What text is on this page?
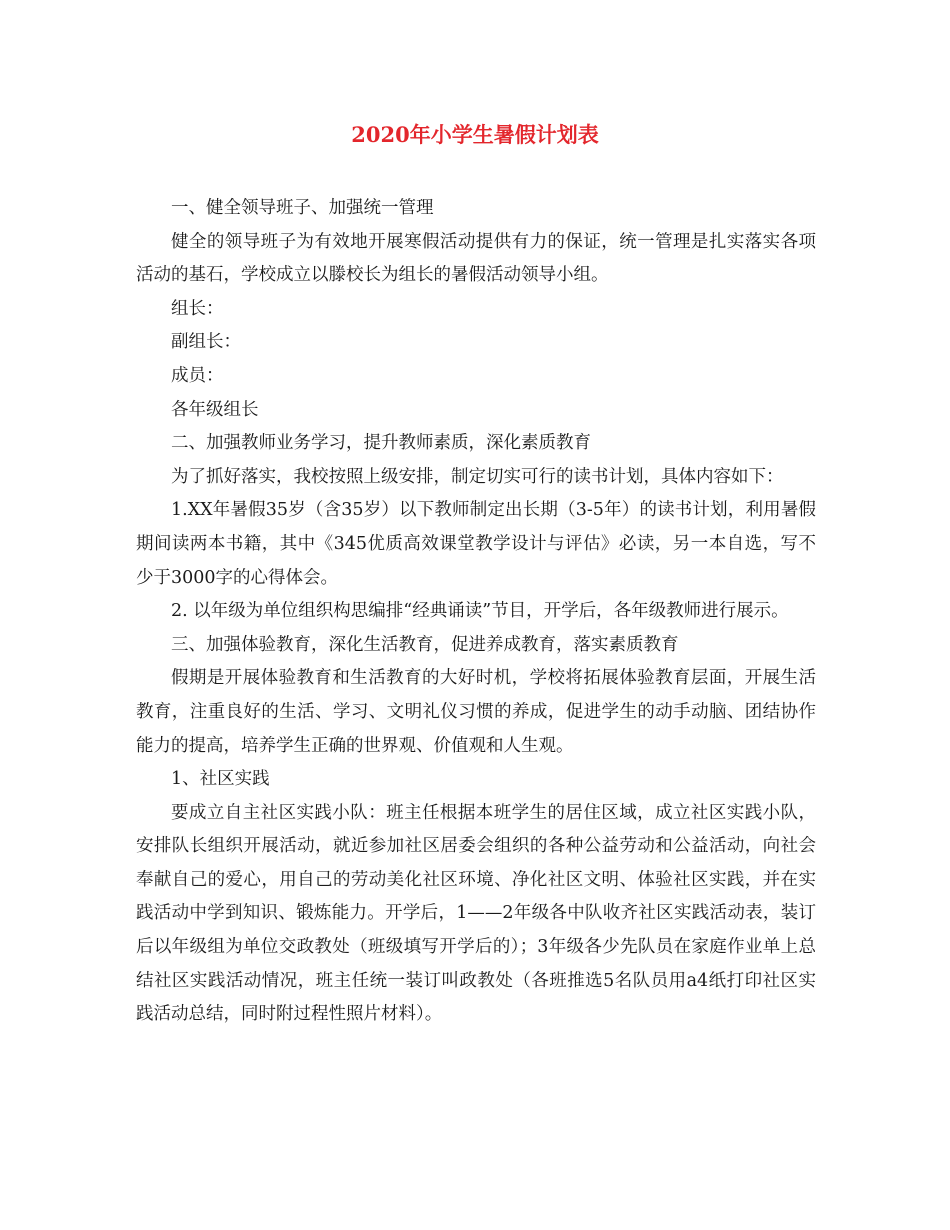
2020年小学生暑假计划表

一、健全领导班子、加强统一管理

健全的领导班子为有效地开展寒假活动提供有力的保证，统一管理是扎实落实各项活动的基石，学校成立以滕校长为组长的暑假活动领导小组。

组长：

副组长：

成员：

各年级组长

二、加强教师业务学习，提升教师素质，深化素质教育

为了抓好落实，我校按照上级安排，制定切实可行的读书计划，具体内容如下：

1.XX年暑假35岁（含35岁）以下教师制定出长期（3-5年）的读书计划，利用暑假期间读两本书籍，其中《345优质高效课堂教学设计与评估》必读，另一本自选，写不少于3000字的心得体会。

2. 以年级为单位组织构思编排“经典诵读”节目，开学后，各年级教师进行展示。

三、加强体验教育，深化生活教育，促进养成教育，落实素质教育

假期是开展体验教育和生活教育的大好时机，学校将拓展体验教育层面，开展生活教育，注重良好的生活、学习、文明礼仪习惯的养成，促进学生的动手动脑、团结协作能力的提高，培养学生正确的世界观、价值观和人生观。

1、社区实践

要成立自主社区实践小队：班主任根据本班学生的居住区域，成立社区实践小队，安排队长组织开展活动，就近参加社区居委会组织的各种公益劳动和公益活动，向社会奉献自己的爱心，用自己的劳动美化社区环境、净化社区文明、体验社区实践，并在实践活动中学到知识、锻炼能力。开学后，1——2年级各中队收齐社区实践活动表，装订后以年级组为单位交政教处（班级填写开学后的）；3年级各少先队员在家庭作业单上总结社区实践活动情况，班主任统一装订叫政教处（各班推选5名队员用a4纸打印社区实践活动总结，同时附过程性照片材料）。
